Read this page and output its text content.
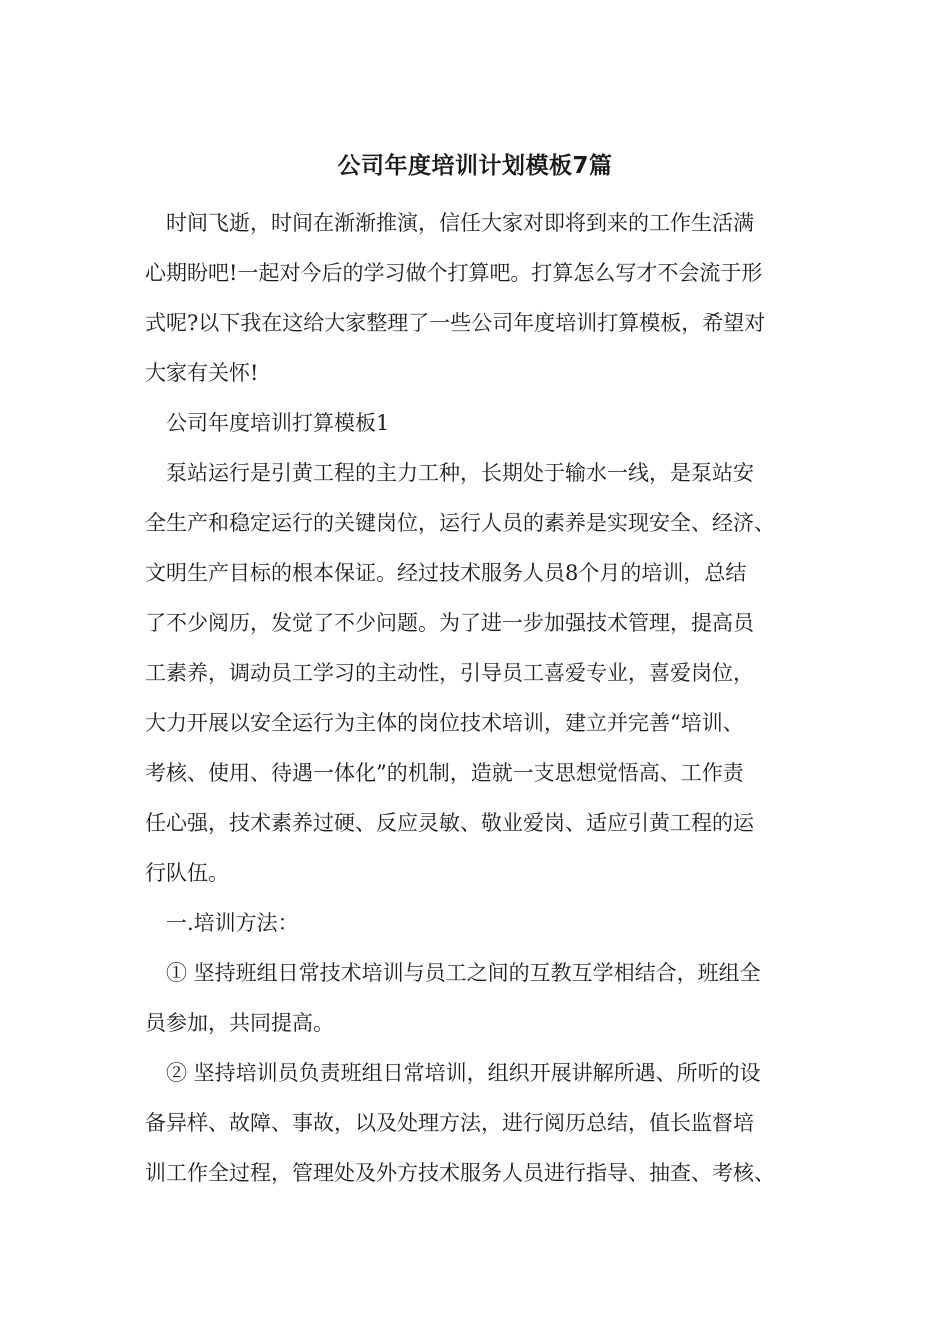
公司年度培训计划模板7篇
时间飞逝，时间在渐渐推演，信任大家对即将到来的工作生活满
心期盼吧!一起对今后的学习做个打算吧。打算怎么写才不会流于形
式呢?以下我在这给大家整理了一些公司年度培训打算模板，希望对
大家有关怀!
公司年度培训打算模板1
泵站运行是引黄工程的主力工种，长期处于输水一线，是泵站安
全生产和稳定运行的关键岗位，运行人员的素养是实现安全、经济、
文明生产目标的根本保证。经过技术服务人员8个月的培训，总结
了不少阅历，发觉了不少问题。为了进一步加强技术管理，提高员
工素养，调动员工学习的主动性，引导员工喜爱专业，喜爱岗位，
大力开展以安全运行为主体的岗位技术培训，建立并完善“培训、
考核、使用、待遇一体化”的机制，造就一支思想觉悟高、工作责
任心强，技术素养过硬、反应灵敏、敬业爱岗、适应引黄工程的运
行队伍。
一.培训方法：
① 坚持班组日常技术培训与员工之间的互教互学相结合，班组全
员参加，共同提高。
② 坚持培训员负责班组日常培训，组织开展讲解所遇、所听的设
备异样、故障、事故，以及处理方法，进行阅历总结，值长监督培
训工作全过程，管理处及外方技术服务人员进行指导、抽查、考核、
